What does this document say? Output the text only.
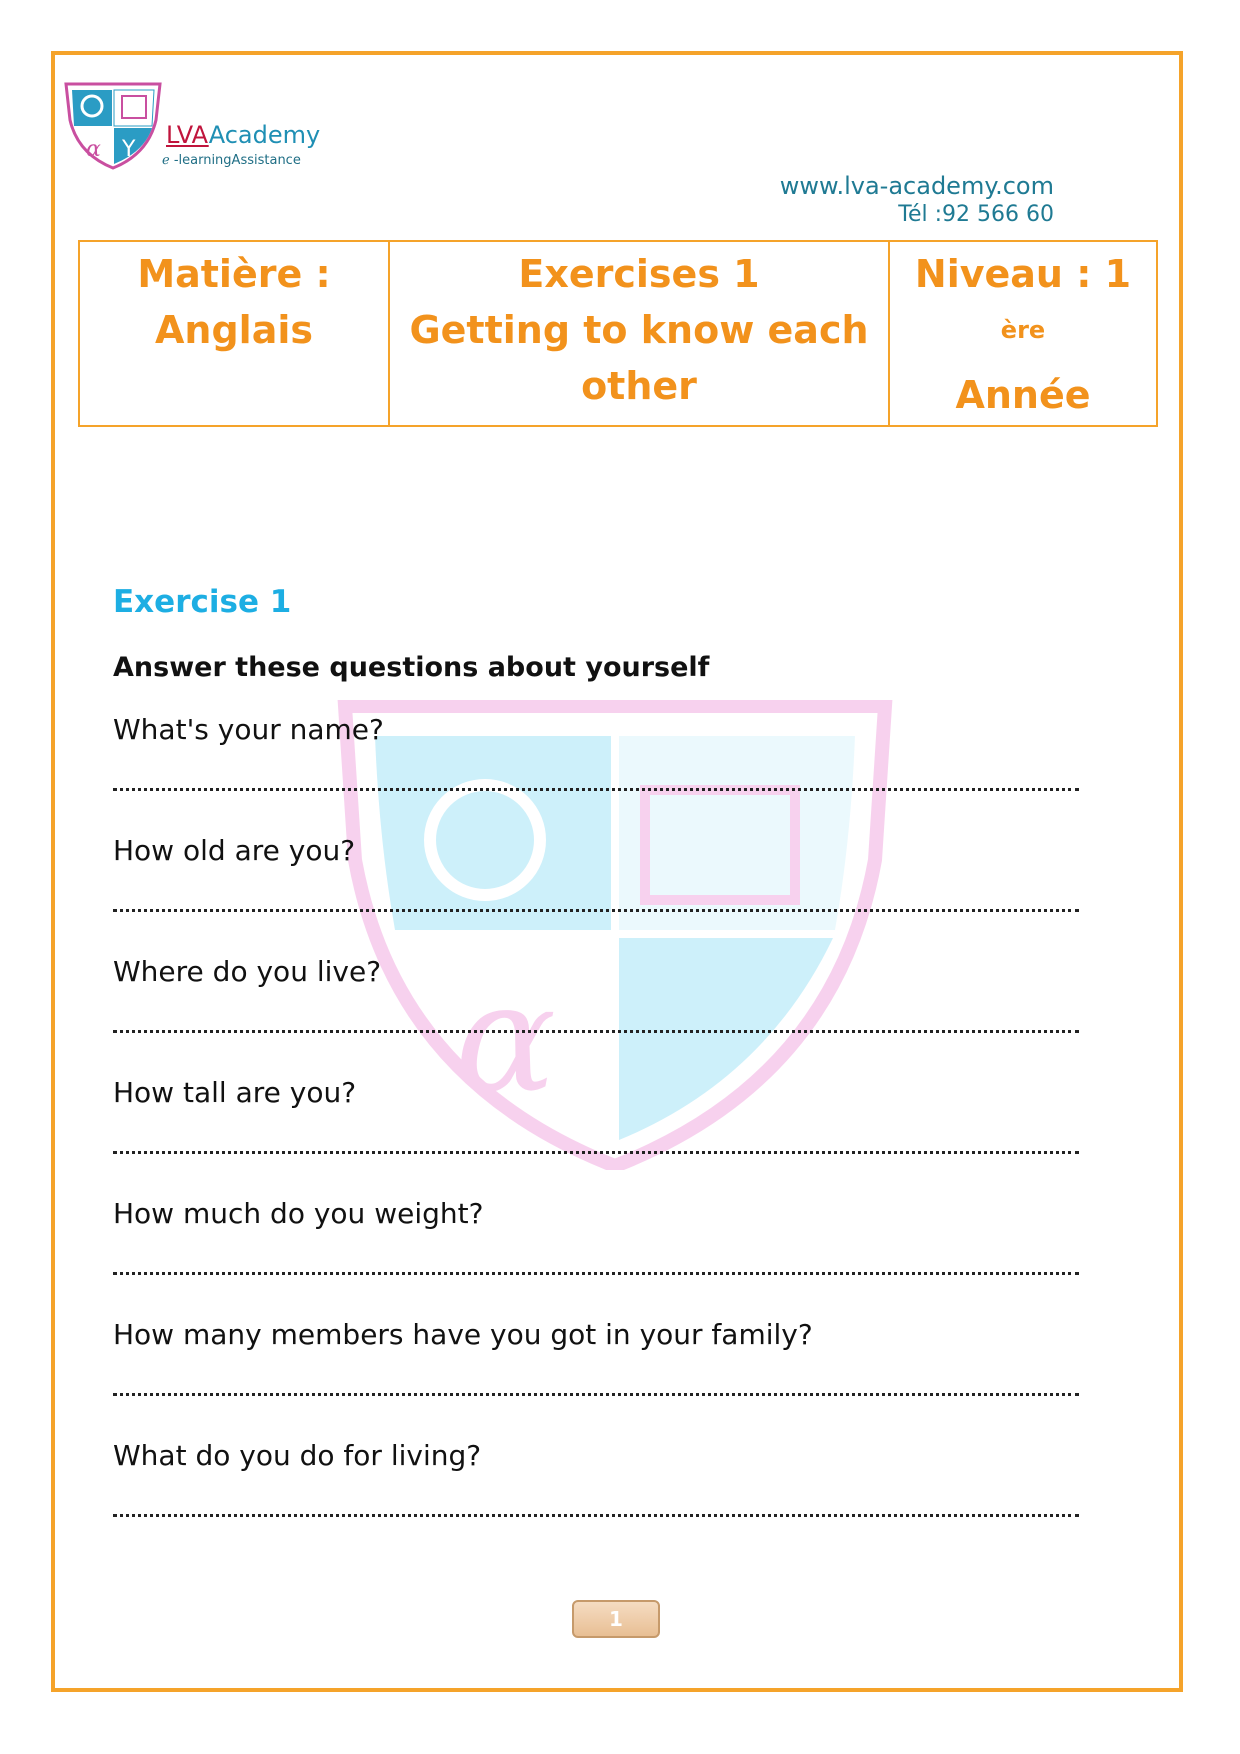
α Y
LVAAcademy
ℯ -learningAssistance
www.lva-academy.com
Tél :92 566 60
Matière :
Anglais

Exercises 1
Getting to know each
other

Niveau : 1
$^{ère}$
Année
α
Exercise 1
Answer these questions about yourself
What's your name?
How old are you?
Where do you live?
How tall are you?
How much do you weight?
How many members have you got in your family?
What do you do for living?
1
